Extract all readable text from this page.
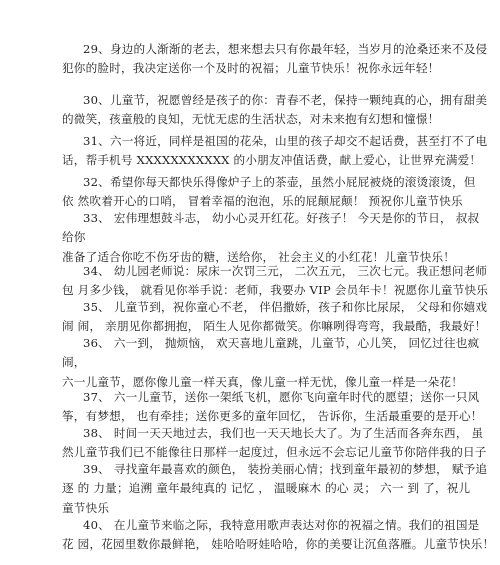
29、身边的人渐渐的老去，想来想去只有你最年轻，当岁月的沧桑还来不及侵
犯你的脸时，我决定送你一个及时的祝福；儿童节快乐！祝你永远年轻！
30、儿童节，祝愿曾经是孩子的你：青春不老，保持一颗纯真的心，拥有甜美
的微笑，孩童般的良知，无忧无虑的生活状态，对未来抱有幻想和憧憬！
31、六一将近，同样是祖国的花朵，山里的孩子却交不起话费，甚至打不了电
话，帮手机号 XXXXXXXXXXX 的小朋友冲值话费，献上爱心，让世界充满爱！
32、希望你每天都快乐得像炉子上的茶壶，虽然小屁屁被烧的滚烫滚烫，但
依 然吹着开心的口哨， 冒着幸福的泡泡，乐的屁颠屁颠！ 预祝你儿童节快乐
33、 宏伟理想鼓斗志， 幼小心灵开红花。好孩子！ 今天是你的节日， 叔叔
给你
准备了适合你吃不伤牙齿的糖，送给你， 社会主义的小红花！儿童节快乐！
34、 幼儿园老师说：尿床一次罚三元， 二次五元， 三次七元。我正想问老师
包 月多少钱， 就看见你举手说：老师，我要办 VIP 会员年卡！祝愿你儿童节快乐
35、 儿童节到，祝你童心不老， 伴侣撒娇，孩子和你比尿尿， 父母和你嬉戏
闹 闹， 亲朋见你都拥抱， 陌生人见你都微笑。你嘛咧得弯弯，我最酷，我最好！
36、 六一到， 抛烦恼， 欢天喜地儿童跳，儿童节，心儿笑， 回忆过往也疯
闹，
六一儿童节，愿你像儿童一样天真，像儿童一样无忧，像儿童一样是一朵花！
37、 六一儿童节，送你一架纸飞机，愿你飞向童年时代的愿望；送你一只风
筝，有梦想， 也有牵挂；送你更多的童年回忆， 告诉你，生活最重要的是开心！
38、 时间一天天地过去，我们也一天天地长大了。为了生活而各奔东西， 虽
然儿童节我们已不能像往日那样一起度过，但永远不会忘记儿童节你陪伴我的日子
39、 寻找童年最喜欢的颜色， 装扮美丽心情；找到童年最初的梦想， 赋予追
逐 的 力量；追溯 童年最纯真的 记忆 ， 温暖麻木 的心 灵； 六一 到 了，祝儿
童节快乐
40、 在儿童节来临之际，我特意用歌声表达对你的祝福之情。我们的祖国是
花 园，花园里数你最鲜艳， 娃哈哈呀娃哈哈，你的美要让沉鱼落雁。儿童节快乐！
